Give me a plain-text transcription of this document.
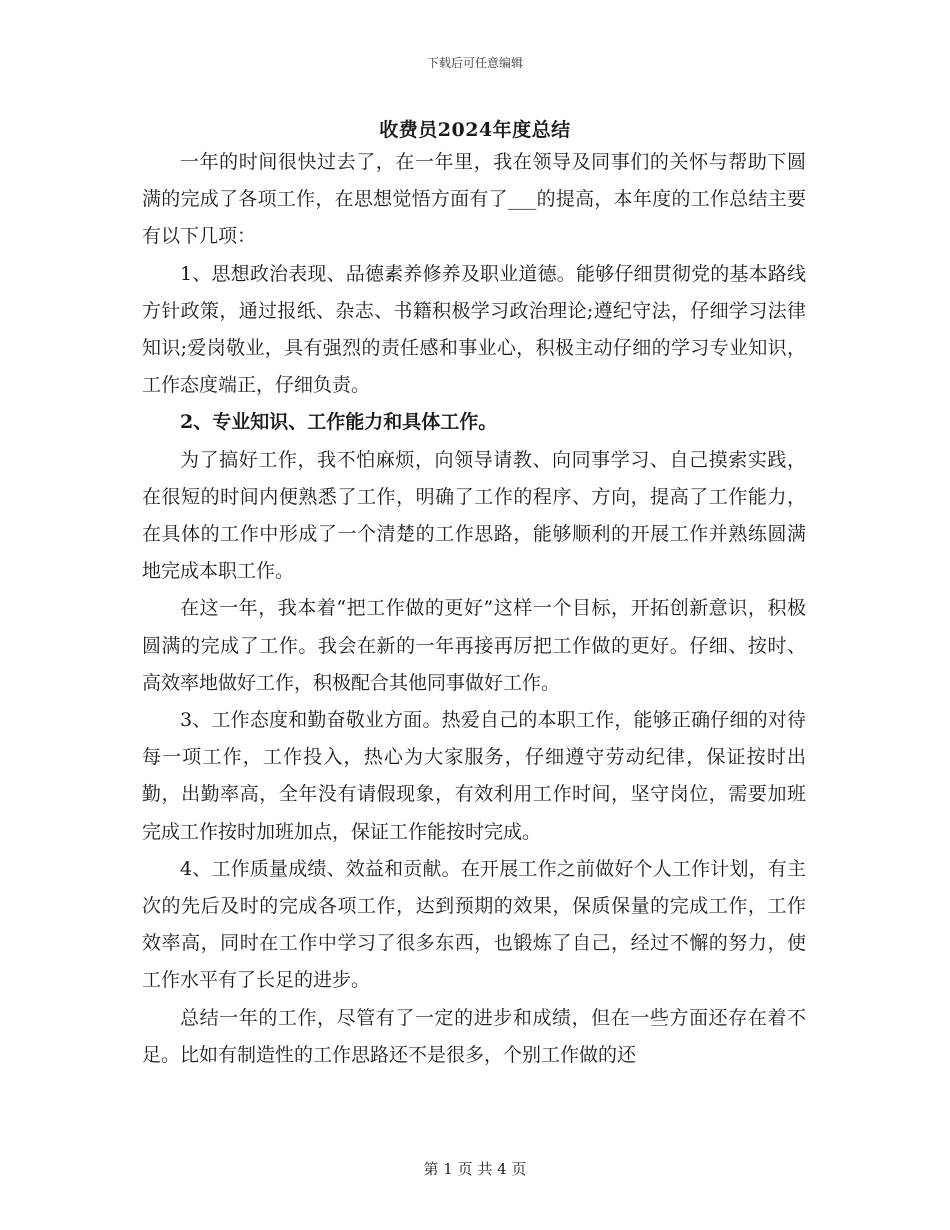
下载后可任意编辑
收费员2024年度总结

一年的时间很快过去了，在一年里，我在领导及同事们的关怀与帮助下圆满的完成了各项工作，在思想觉悟方面有了___的提高，本年度的工作总结主要有以下几项：

1、思想政治表现、品德素养修养及职业道德。能够仔细贯彻党的基本路线方针政策，通过报纸、杂志、书籍积极学习政治理论;遵纪守法，仔细学习法律知识;爱岗敬业，具有强烈的责任感和事业心，积极主动仔细的学习专业知识，工作态度端正，仔细负责。

2、专业知识、工作能力和具体工作。

为了搞好工作，我不怕麻烦，向领导请教、向同事学习、自己摸索实践，在很短的时间内便熟悉了工作，明确了工作的程序、方向，提高了工作能力，在具体的工作中形成了一个清楚的工作思路，能够顺利的开展工作并熟练圆满地完成本职工作。

在这一年，我本着“把工作做的更好”这样一个目标，开拓创新意识，积极圆满的完成了工作。我会在新的一年再接再厉把工作做的更好。仔细、按时、高效率地做好工作，积极配合其他同事做好工作。

3、工作态度和勤奋敬业方面。热爱自己的本职工作，能够正确仔细的对待每一项工作，工作投入，热心为大家服务，仔细遵守劳动纪律，保证按时出勤，出勤率高，全年没有请假现象，有效利用工作时间，坚守岗位，需要加班完成工作按时加班加点，保证工作能按时完成。

4、工作质量成绩、效益和贡献。在开展工作之前做好个人工作计划，有主次的先后及时的完成各项工作，达到预期的效果，保质保量的完成工作，工作效率高，同时在工作中学习了很多东西，也锻炼了自己，经过不懈的努力，使工作水平有了长足的进步。

总结一年的工作，尽管有了一定的进步和成绩，但在一些方面还存在着不足。比如有制造性的工作思路还不是很多，个别工作做的还

第 1 页 共 4 页
